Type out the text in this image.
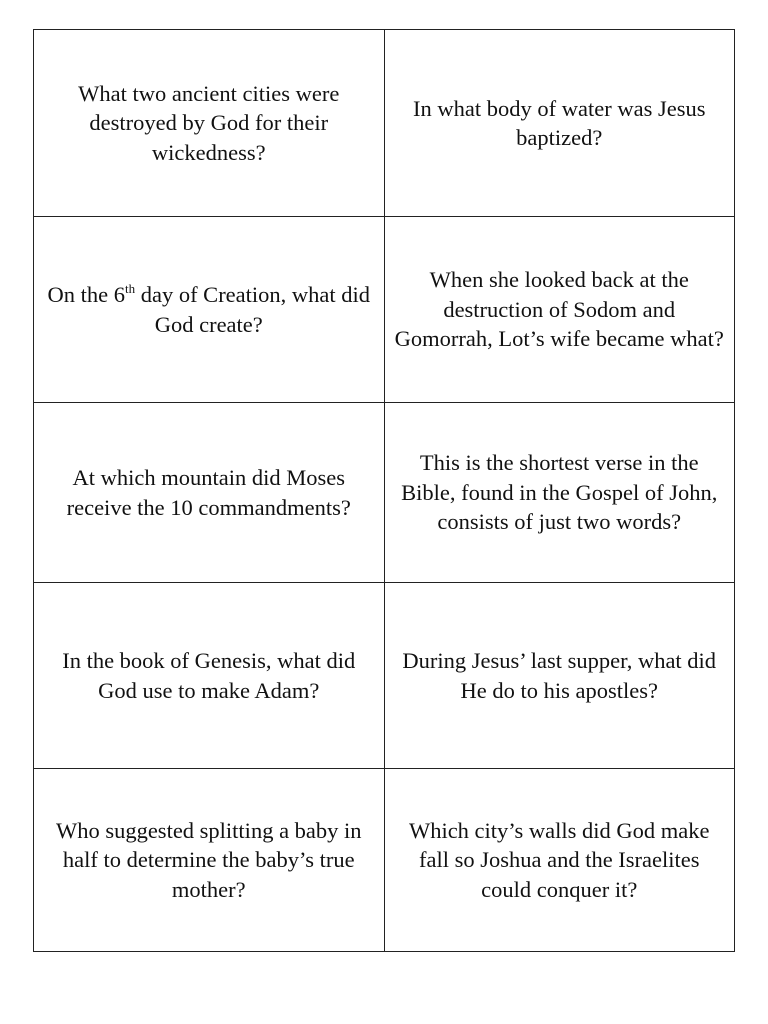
What two ancient cities were destroyed by God for their wickedness?	In what body of water was Jesus baptized?
On the 6th day of Creation, what did God create?	When she looked back at the destruction of Sodom and Gomorrah, Lot’s wife became what?
At which mountain did Moses receive the 10 commandments?	This is the shortest verse in the Bible, found in the Gospel of John, consists of just two words?
In the book of Genesis, what did God use to make Adam?	During Jesus’ last supper, what did He do to his apostles?
Who suggested splitting a baby in half to determine the baby’s true mother?	Which city’s walls did God make fall so Joshua and the Israelites could conquer it?
